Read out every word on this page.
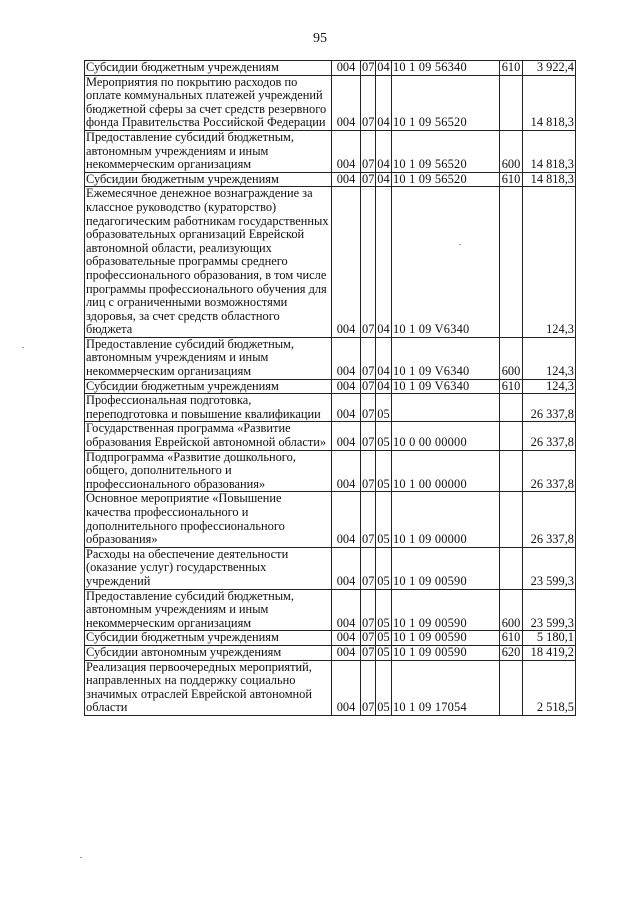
95
Субсидии бюджетным учреждениям	004	07	04	10 1 09 56340	610	3 922,4

Мероприятия по покрытию расходов по оплате коммунальных платежей учреждений бюджетной сферы за счет средств резервного фонда Правительства Российской Федерации	004	07	04	10 1 09 56520		14 818,3

Предоставление субсидий бюджетным, автономным учреждениям и иным некоммерческим организациям	004	07	04	10 1 09 56520	600	14 818,3

Субсидии бюджетным учреждениям	004	07	04	10 1 09 56520	610	14 818,3

Ежемесячное денежное вознаграждение за классное руководство (кураторство) педагогическим работникам государственных образовательных организаций Еврейской автономной области, реализующих образовательные программы среднего профессионального образования, в том числе программы профессионального обучения для лиц с ограниченными возможностями здоровья, за счет средств областного бюджета	004	07	04	10 1 09 V6340		124,3

Предоставление субсидий бюджетным, автономным учреждениям и иным некоммерческим организациям	004	07	04	10 1 09 V6340	600	124,3

Субсидии бюджетным учреждениям	004	07	04	10 1 09 V6340	610	124,3

Профессиональная подготовка, переподготовка и повышение квалификации	004	07	05			26 337,8

Государственная программа «Развитие образования Еврейской автономной области»	004	07	05	10 0 00 00000		26 337,8

Подпрограмма «Развитие дошкольного, общего, дополнительного и профессионального образования»	004	07	05	10 1 00 00000		26 337,8

Основное мероприятие «Повышение качества профессионального и дополнительного профессионального образования»	004	07	05	10 1 09 00000		26 337,8

Расходы на обеспечение деятельности (оказание услуг) государственных учреждений	004	07	05	10 1 09 00590		23 599,3

Предоставление субсидий бюджетным, автономным учреждениям и иным некоммерческим организациям	004	07	05	10 1 09 00590	600	23 599,3

Субсидии бюджетным учреждениям	004	07	05	10 1 09 00590	610	5 180,1

Субсидии автономным учреждениям	004	07	05	10 1 09 00590	620	18 419,2

Реализация первоочередных мероприятий, направленных на поддержку социально значимых отраслей Еврейской автономной области	004	07	05	10 1 09 17054		2 518,5
